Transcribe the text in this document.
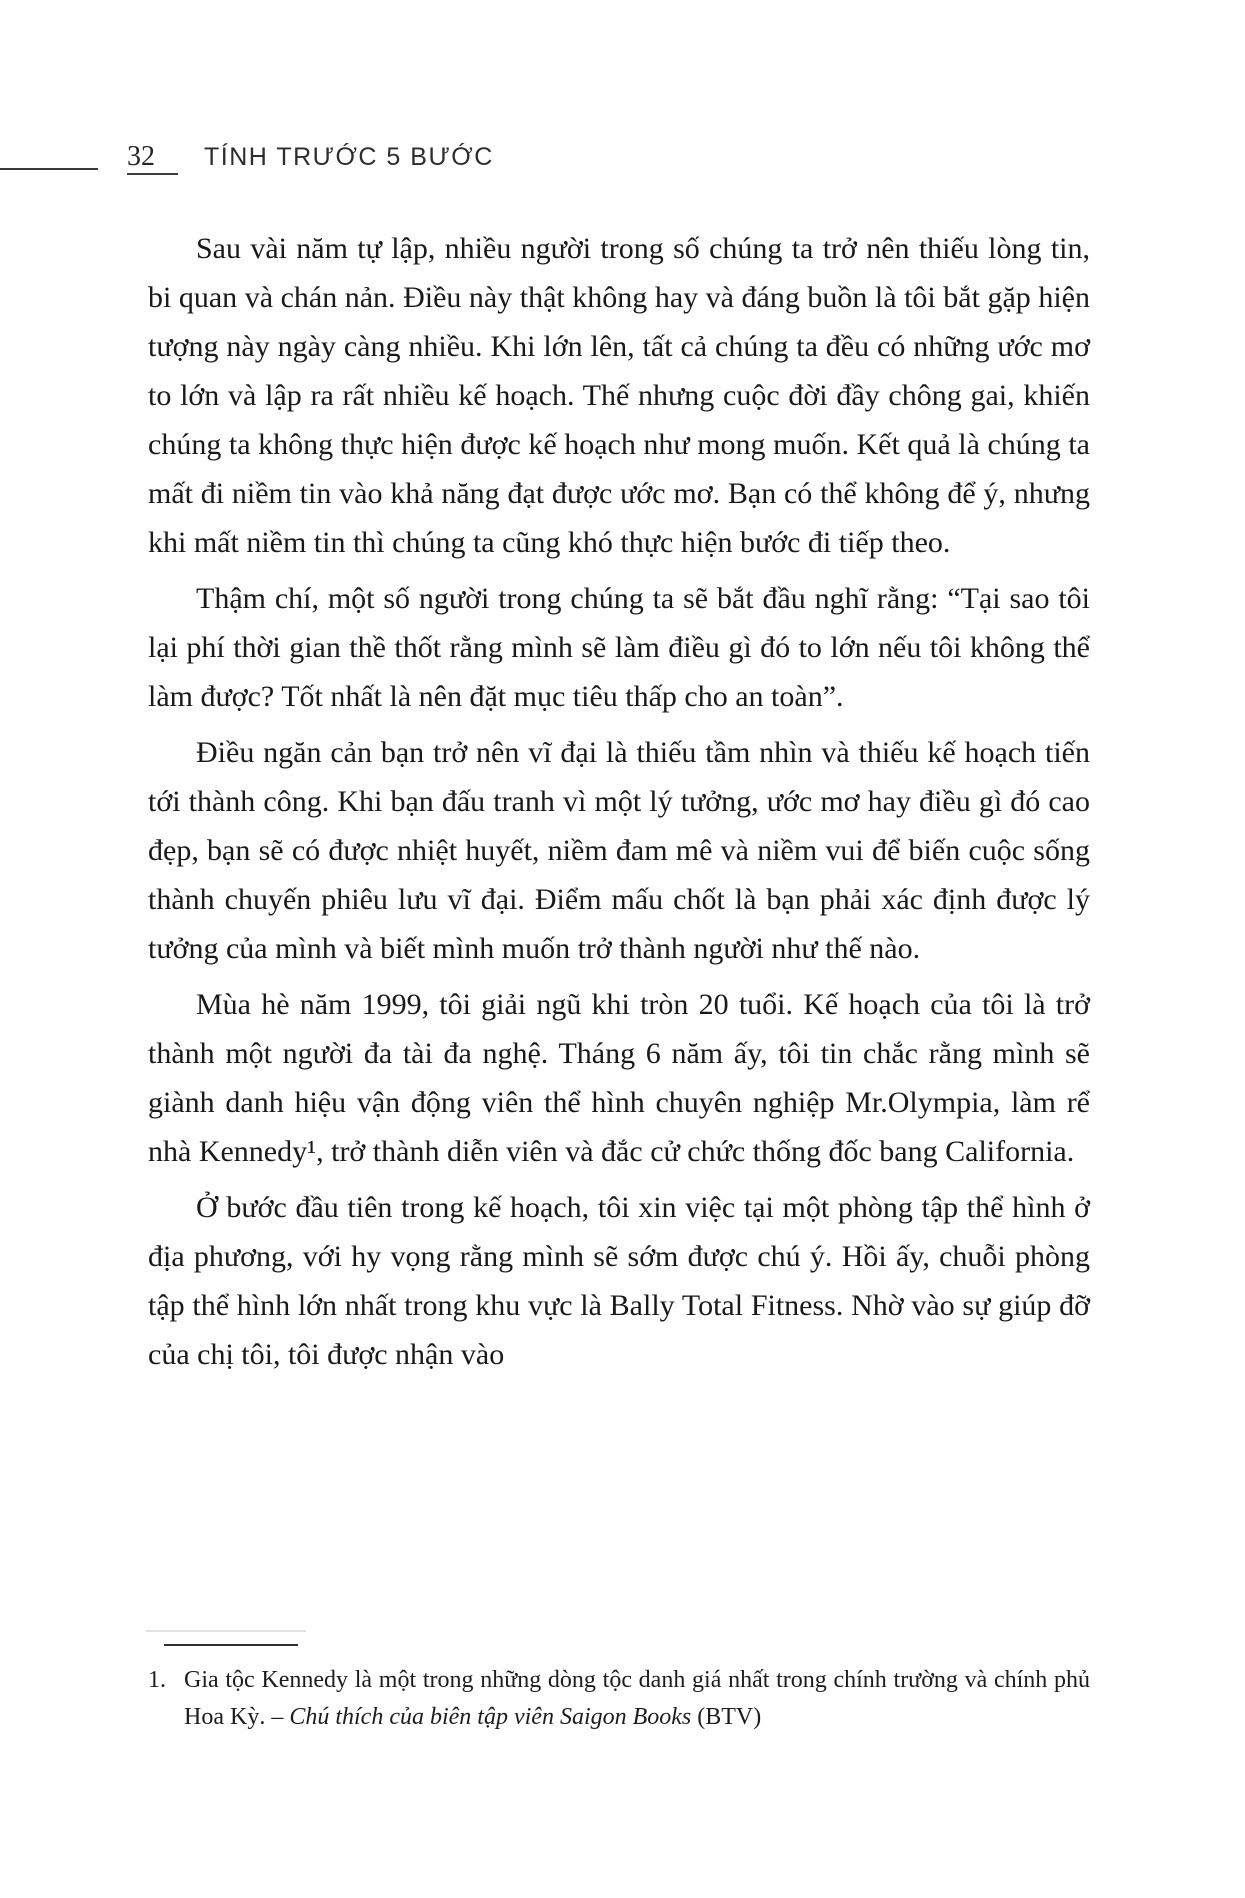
32 TÍNH TRƯỚC 5 BƯỚC

Sau vài năm tự lập, nhiều người trong số chúng ta trở nên thiếu lòng tin, bi quan và chán nản. Điều này thật không hay và đáng buồn là tôi bắt gặp hiện tượng này ngày càng nhiều. Khi lớn lên, tất cả chúng ta đều có những ước mơ to lớn và lập ra rất nhiều kế hoạch. Thế nhưng cuộc đời đầy chông gai, khiến chúng ta không thực hiện được kế hoạch như mong muốn. Kết quả là chúng ta mất đi niềm tin vào khả năng đạt được ước mơ. Bạn có thể không để ý, nhưng khi mất niềm tin thì chúng ta cũng khó thực hiện bước đi tiếp theo.

Thậm chí, một số người trong chúng ta sẽ bắt đầu nghĩ rằng: “Tại sao tôi lại phí thời gian thề thốt rằng mình sẽ làm điều gì đó to lớn nếu tôi không thể làm được? Tốt nhất là nên đặt mục tiêu thấp cho an toàn”.

Điều ngăn cản bạn trở nên vĩ đại là thiếu tầm nhìn và thiếu kế hoạch tiến tới thành công. Khi bạn đấu tranh vì một lý tưởng, ước mơ hay điều gì đó cao đẹp, bạn sẽ có được nhiệt huyết, niềm đam mê và niềm vui để biến cuộc sống thành chuyến phiêu lưu vĩ đại. Điểm mấu chốt là bạn phải xác định được lý tưởng của mình và biết mình muốn trở thành người như thế nào.

Mùa hè năm 1999, tôi giải ngũ khi tròn 20 tuổi. Kế hoạch của tôi là trở thành một người đa tài đa nghệ. Tháng 6 năm ấy, tôi tin chắc rằng mình sẽ giành danh hiệu vận động viên thể hình chuyên nghiệp Mr.Olympia, làm rể nhà Kennedy¹, trở thành diễn viên và đắc cử chức thống đốc bang California.

Ở bước đầu tiên trong kế hoạch, tôi xin việc tại một phòng tập thể hình ở địa phương, với hy vọng rằng mình sẽ sớm được chú ý. Hồi ấy, chuỗi phòng tập thể hình lớn nhất trong khu vực là Bally Total Fitness. Nhờ vào sự giúp đỡ của chị tôi, tôi được nhận vào

1. Gia tộc Kennedy là một trong những dòng tộc danh giá nhất trong chính trường và chính phủ Hoa Kỳ. – Chú thích của biên tập viên Saigon Books (BTV)
